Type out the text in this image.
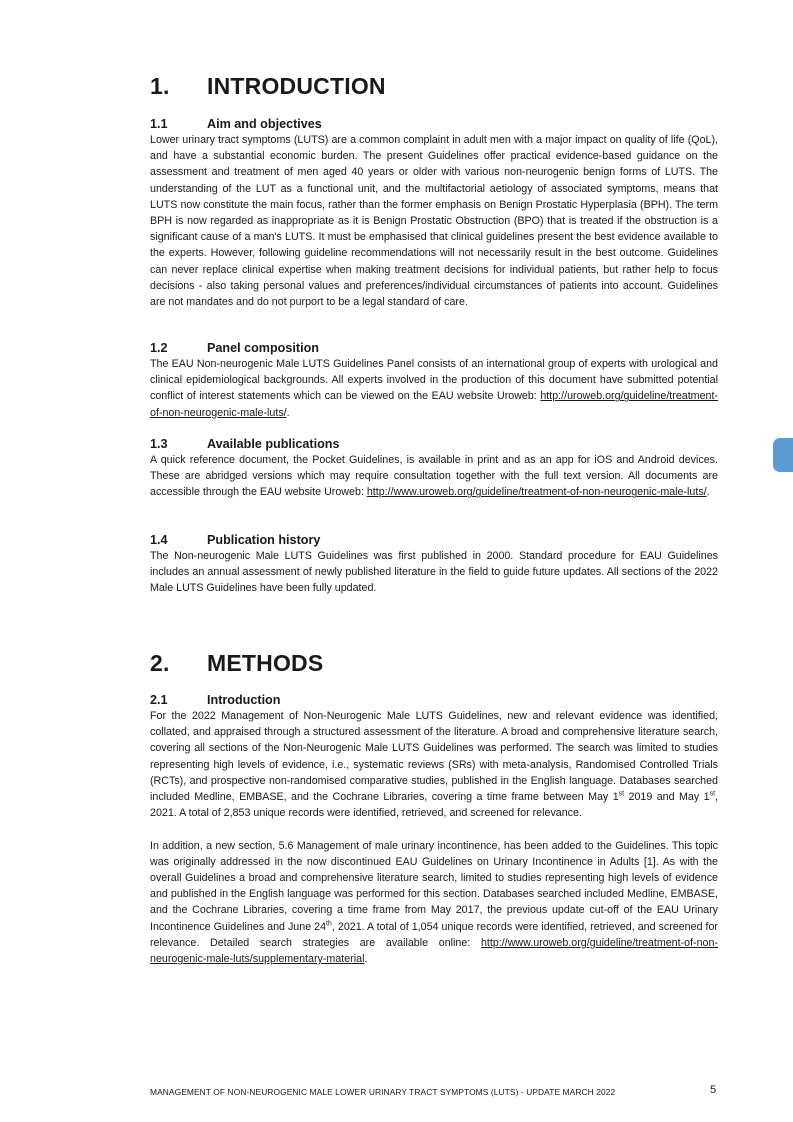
1. INTRODUCTION
1.1	Aim and objectives

Lower urinary tract symptoms (LUTS) are a common complaint in adult men with a major impact on quality of life (QoL), and have a substantial economic burden. The present Guidelines offer practical evidence-based guidance on the assessment and treatment of men aged 40 years or older with various non-neurogenic benign forms of LUTS. The understanding of the LUT as a functional unit, and the multifactorial aetiology of associated symptoms, means that LUTS now constitute the main focus, rather than the former emphasis on Benign Prostatic Hyperplasia (BPH). The term BPH is now regarded as inappropriate as it is Benign Prostatic Obstruction (BPO) that is treated if the obstruction is a significant cause of a man's LUTS. It must be emphasised that clinical guidelines present the best evidence available to the experts. However, following guideline recommendations will not necessarily result in the best outcome. Guidelines can never replace clinical expertise when making treatment decisions for individual patients, but rather help to focus decisions - also taking personal values and preferences/individual circumstances of patients into account. Guidelines are not mandates and do not purport to be a legal standard of care.

1.2	Panel composition

The EAU Non-neurogenic Male LUTS Guidelines Panel consists of an international group of experts with urological and clinical epidemiological backgrounds. All experts involved in the production of this document have submitted potential conflict of interest statements which can be viewed on the EAU website Uroweb: http://uroweb.org/guideline/treatment-of-non-neurogenic-male-luts/.

1.3	Available publications

A quick reference document, the Pocket Guidelines, is available in print and as an app for iOS and Android devices. These are abridged versions which may require consultation together with the full text version. All documents are accessible through the EAU website Uroweb: http://www.uroweb.org/guideline/treatment-of-non-neurogenic-male-luts/.

1.4	Publication history

The Non-neurogenic Male LUTS Guidelines was first published in 2000. Standard procedure for EAU Guidelines includes an annual assessment of newly published literature in the field to guide future updates. All sections of the 2022 Male LUTS Guidelines have been fully updated.

2. METHODS
2.1	Introduction

For the 2022 Management of Non-Neurogenic Male LUTS Guidelines, new and relevant evidence was identified, collated, and appraised through a structured assessment of the literature. A broad and comprehensive literature search, covering all sections of the Non-Neurogenic Male LUTS Guidelines was performed. The search was limited to studies representing high levels of evidence, i.e., systematic reviews (SRs) with meta-analysis, Randomised Controlled Trials (RCTs), and prospective non-randomised comparative studies, published in the English language. Databases searched included Medline, EMBASE, and the Cochrane Libraries, covering a time frame between May 1st 2019 and May 1st, 2021. A total of 2,853 unique records were identified, retrieved, and screened for relevance.

In addition, a new section, 5.6 Management of male urinary incontinence, has been added to the Guidelines. This topic was originally addressed in the now discontinued EAU Guidelines on Urinary Incontinence in Adults [1]. As with the overall Guidelines a broad and comprehensive literature search, limited to studies representing high levels of evidence and published in the English language was performed for this section. Databases searched included Medline, EMBASE, and the Cochrane Libraries, covering a time frame from May 2017, the previous update cut-off of the EAU Urinary Incontinence Guidelines and June 24th, 2021. A total of 1,054 unique records were identified, retrieved, and screened for relevance. Detailed search strategies are available online: http://www.uroweb.org/guideline/treatment-of-non-neurogenic-male-luts/supplementary-material.

MANAGEMENT OF NON-NEUROGENIC MALE LOWER URINARY TRACT SYMPTOMS (LUTS) - UPDATE MARCH 2022	5
